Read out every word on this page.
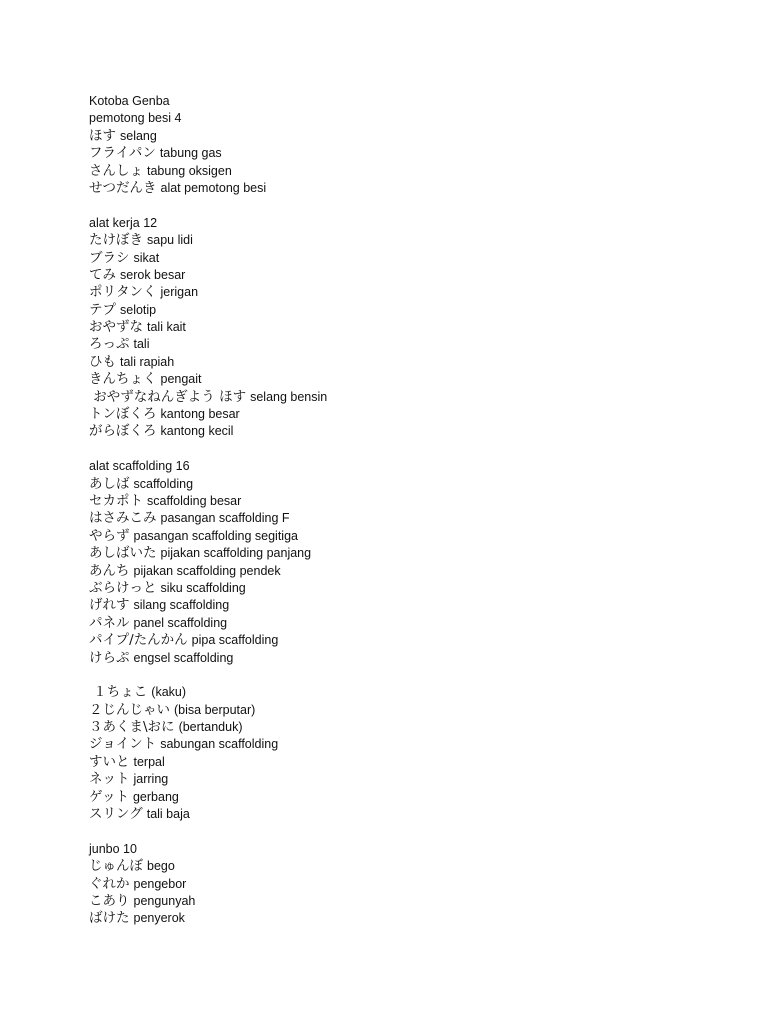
Kotoba Genba
pemotong besi 4
ほす selang
フライパン tabung gas
さんしょ tabung oksigen
せつだんき alat pemotong besi
alat kerja 12
たけぼき sapu lidi
ブラシ sikat
てみ serok besar
ポリタンく jerigan
テプ selotip
おやずな tali kait
ろっぷ tali
ひも tali rapiah
きんちょく pengait
おやずなねんぎよう ほす selang bensin
トンぼくろ kantong besar
がらぼくろ kantong kecil
alat scaffolding 16
あしば scaffolding
セカポト scaffolding besar
はさみこみ pasangan scaffolding F
やらず pasangan scaffolding segitiga
あしばいた pijakan scaffolding panjang
あんち pijakan scaffolding pendek
ぶらけっと siku scaffolding
げれす silang scaffolding
パネル panel scaffolding
パイプ/たんかん pipa scaffolding
けらぷ engsel scaffolding
１ちょこ (kaku)
２じんじゃい (bisa berputar)
３あくま\おに (bertanduk)
ジョイント sabungan scaffolding
すいと terpal
ネット jarring
ゲット gerbang
スリング tali baja
junbo 10
じゅんぼ bego
ぐれか pengebor
こあり pengunyah
ばけた penyerok
